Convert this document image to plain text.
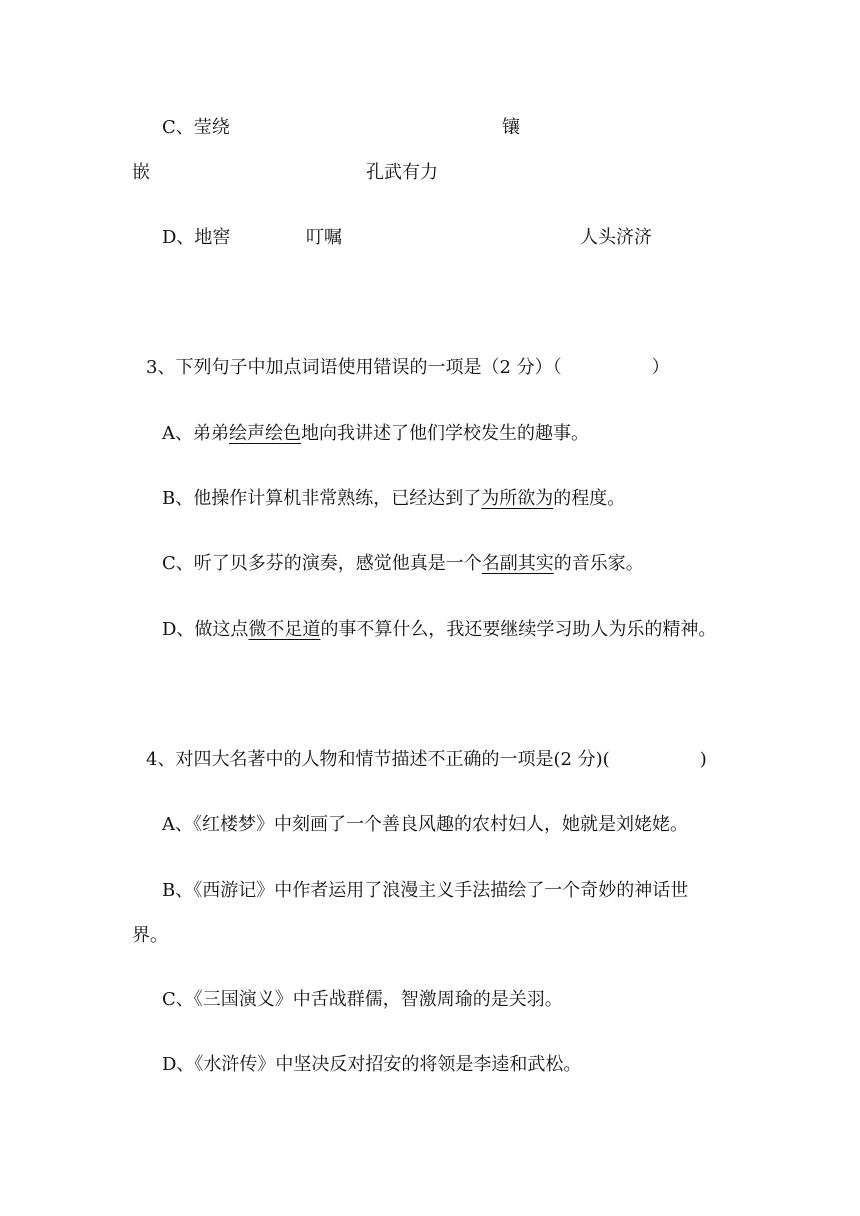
C、莹绕	镶

嵌	孔武有力

D、地窖	叮嘱	人头济济

3、下列句子中加点词语使用错误的一项是（2 分）（　　　　　）

A、弟弟绘声绘色地向我讲述了他们学校发生的趣事。

B、他操作计算机非常熟练，已经达到了为所欲为的程度。

C、听了贝多芬的演奏，感觉他真是一个名副其实的音乐家。

D、做这点微不足道的事不算什么，我还要继续学习助人为乐的精神。

4、对四大名著中的人物和情节描述不正确的一项是(2 分)(　　　　　)

A、《红楼梦》中刻画了一个善良风趣的农村妇人，她就是刘姥姥。

B、《西游记》中作者运用了浪漫主义手法描绘了一个奇妙的神话世

界。

C、《三国演义》中舌战群儒，智激周瑜的是关羽。

D、《水浒传》中坚决反对招安的将领是李逵和武松。
